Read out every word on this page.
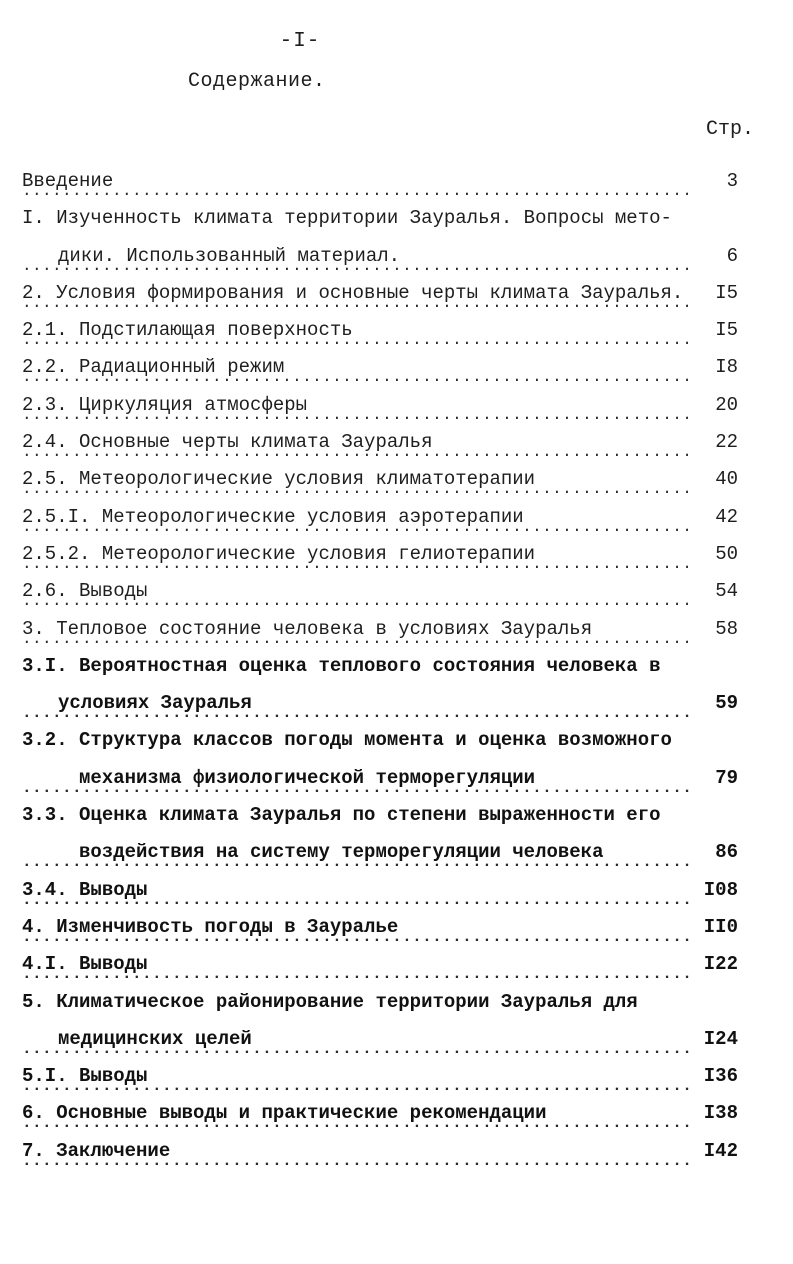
-I-
Содержание.
Стр.
Введение	3
. . .
I. Изученность климата территории Зауралья. Вопросы мето-
дики. Использованный материал.	6
. . .
2. Условия формирования и основные черты климата Зауралья.	I5
. . .
2.1. Подстилающая поверхность	I5
. . .
2.2. Радиационный режим	I8
. . .
2.3. Циркуляция атмосферы	20
. . .
2.4. Основные черты климата Зауралья	22
. . .
2.5. Метеорологические условия климатотерапии	40
. . .
2.5.I. Метеорологические условия аэротерапии	42
. . .
2.5.2. Метеорологические условия гелиотерапии	50
. . .
2.6. Выводы	54
. . .
3. Тепловое состояние человека в условиях Зауралья	58
. . .
3.I. Вероятностная оценка теплового состояния человека в
условиях Зауралья	59
. . .
3.2. Структура классов погоды момента и оценка возможного
механизма физиологической терморегуляции	79
. . .
3.3. Оценка климата Зауралья по степени выраженности его
воздействия на систему терморегуляции человека	86
. . .
3.4. Выводы	I08
. . .
4. Изменчивость погоды в Зауралье	II0
. . .
4.I. Выводы	I22
. . .
5. Климатическое районирование территории Зауралья для
медицинских целей	I24
. . .
5.I. Выводы	I36
. . .
6. Основные выводы и практические рекомендации	I38
. . .
7. Заключение	I42
. . .
